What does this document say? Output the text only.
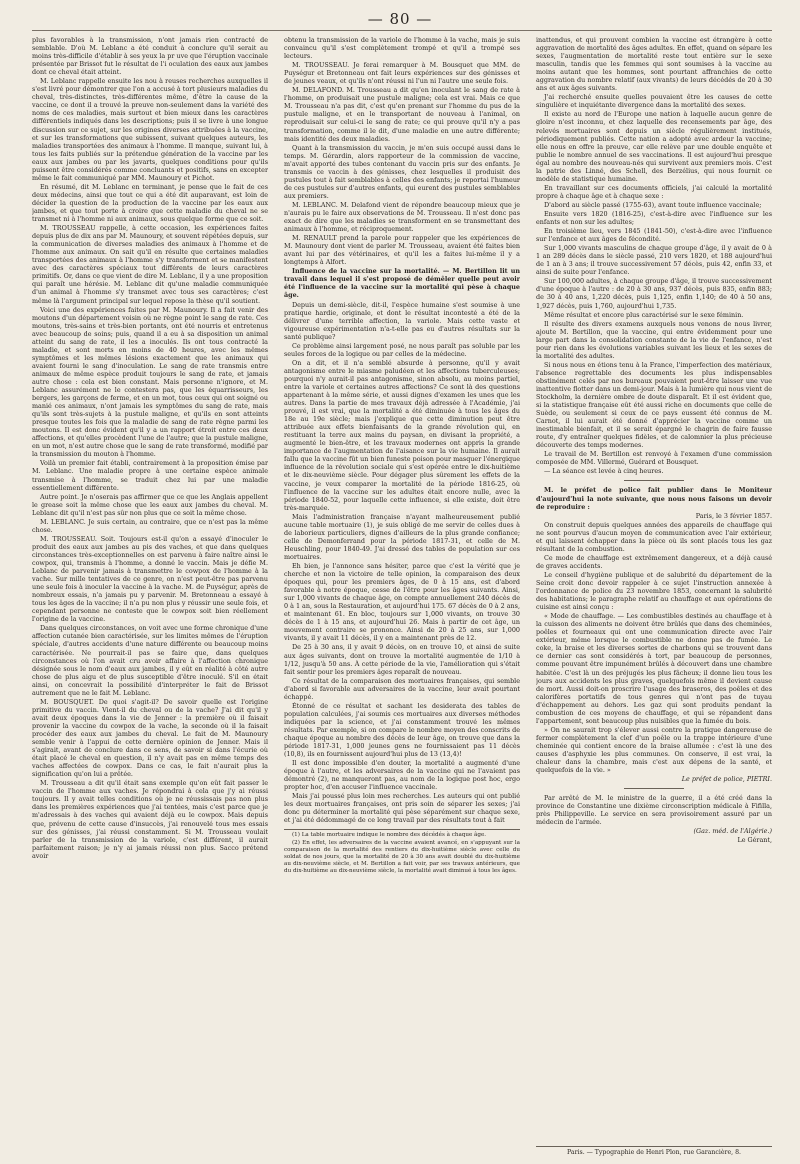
— 80 —

plus favorables à la transmission, n'ont jamais rien contracté de semblable. D'où M. Leblanc a été conduit à conclure qu'il serait au moins très-difficile d'établir à ses yeux la pr uve que l'éruption vaccinale présentée par Brissot fut le résultat de l'i oculation des eaux aux jambes dont ce cheval était atteint.

M. Leblanc rappelle ensuite les nou à reuses recherches auxquelles il s'est livré pour démontrer que l'on a accusé à tort plusieurs maladies du cheval, très-distinctes, très-différentes même, d'être la cause de la vaccine, ce dont il a trouvé la preuve non-seulement dans la variété des noms de ces maladies, mais surtout et bien mieux dans les caractères différentiels indiqués dans les descriptions; puis il se livre à une longue discussion sur ce sujet, sur les origines diverses attribuées à la vaccine, et sur les transformations que subissent, suivant quelques auteurs, les maladies transportées des animaux à l'homme. Il manque, suivant lui, à tous les faits publiés sur la prétendue génération de la vaccine par les eaux aux jambes ou par les javarts, quelques conditions pour qu'ils puissent être considérés comme concluants et positifs, sans en excepter même le fait communiqué par MM. Maunoury et Pichot.

En résumé, dit M. Leblanc en terminant, je pense que le fait de ces deux médecins, ainsi que tout ce qui a été dit auparavant, est loin de décider la question de la production de la vaccine par les eaux aux jambes, et que tout porte à croire que cette maladie du cheval ne se transmet ni à l'homme ni aux animaux, sous quelque forme que ce soit.

M. TROUSSEAU rappelle, à cette occasion, les expériences faites depuis plus de dix ans par M. Maunoury, et souvent répétées depuis, sur la communication de diverses maladies des animaux à l'homme et de l'homme aux animaux. On sait qu'il en résulte que certaines maladies transportées des animaux à l'homme s'y transforment et se manifestent avec des caractères spéciaux tout différents de leurs caractères primitifs. Or, dans ce que vient de dire M. Leblanc, il y a une proposition qui paraît une hérésie. M. Leblanc dit qu'une maladie communiquée d'un animal à l'homme s'y transmet avec tous ses caractères; c'est même là l'argument principal sur lequel repose la thèse qu'il soutient.

Voici une des expériences faites par M. Maunoury. Il a fait venir des moutons d'un département voisin où ne règne point le sang de rate. Ces moutons, très-sains et très-bien portants, ont été nourris et entretenus avec beaucoup de soins; puis, quand il a eu à sa disposition un animal atteint du sang de rate, il les a inoculés. Ils ont tous contracté la maladie, et sont morts en moins de 40 heures, avec les mêmes symptômes et les mêmes lésions exactement que les animaux qui avaient fourni le sang d'inoculation. Le sang de rate transmis entre animaux de même espèce produit toujours le sang de rate, et jamais autre chose : cela est bien constant. Mais personne n'ignore, et M. Leblanc assurément ne le contestera pas, que les équarrisseurs, les bergers, les garçons de ferme, et en un mot, tous ceux qui ont soigné ou manié ces animaux, n'ont jamais les symptômes du sang de rate, mais qu'ils sont très-sujets à la pustule maligne, et qu'ils en sont atteints presque toutes les fois que la maladie de sang de rate règne parmi les moutons. Il est donc évident qu'il y a un rapport étroit entre ces deux affections, et qu'elles procèdent l'une de l'autre; que la pustule maligne, en un mot, n'est autre chose que le sang de rate transformé, modifié par la transmission du mouton à l'homme.

Voilà un premier fait établi, contrairement à la proposition émise par M. Leblanc. Une maladie propre à une certaine espèce animale transmise à l'homme, se traduit chez lui par une maladie essentiellement différente.

Autre point. Je n'oserais pas affirmer que ce que les Anglais appellent le grease soit la même chose que les eaux aux jambes du cheval. M. Leblanc dit qu'il n'est pas sûr non plus que ce soit la même chose.

M. LEBLANC. Je suis certain, au contraire, que ce n'est pas la même chose.

M. TROUSSEAU. Soit. Toujours est-il qu'on a essayé d'inoculer le produit des eaux aux jambes au pis des vaches, et que dans quelques circonstances très-exceptionnelles on est parvenu à faire naître ainsi le cowpox, qui, transmis à l'homme, a donné le vaccin. Mais je défie M. Leblanc de parvenir jamais à transmettre le cowpox de l'homme à la vache. Sur mille tentatives de ce genre, on n'est peut-être pas parvenu une seule fois à inoculer la vaccine à la vache. M. de Puységur, après de nombreux essais, n'a jamais pu y parvenir. M. Bretonneau a essayé à tous les âges de la vaccine; il n'a pu non plus y réussir une seule fois, et cependant personne ne conteste que le cowpox soit bien réellement l'origine de la vaccine.

Dans quelques circonstances, on voit avec une forme chronique d'une affection cutanée bien caractérisée, sur les limites mêmes de l'éruption spéciale, d'autres accidents d'une nature différente ou beaucoup moins caractérisée. Ne pourrait-il pas se faire que, dans quelques circonstances où l'on avait cru avoir affaire à l'affection chronique désignée sous le nom d'eaux aux jambes, il y eût en réalité à côté autre chose de plus aigu et de plus susceptible d'être inoculé. S'il en était ainsi, on concevrait la possibilité d'interpréter le fait de Brissot autrement que ne le fait M. Leblanc.

M. BOUSQUET. De quoi s'agit-il? De savoir quelle est l'origine primitive du vaccin. Vient-il du cheval ou de la vache? J'ai dit qu'il y avait deux époques dans la vie de Jenner : la première où il faisait provenir la vaccine du cowpox de la vache, la seconde où il la faisait procéder des eaux aux jambes du cheval. Le fait de M. Maunoury semble venir à l'appui de cette dernière opinion de Jenner. Mais il s'agirait, avant de conclure dans ce sens, de savoir si dans l'écurie où était placé le cheval en question, il n'y avait pas en même temps des vaches affectées de cowpox. Dans ce cas, le fait n'aurait plus la signification qu'on lui a prêtée.

M. Trousseau a dit qu'il était sans exemple qu'on eût fait passer le vaccin de l'homme aux vaches. Je répondrai à cela que j'y ai réussi toujours. Il y avait telles conditions où je ne réussissais pas non plus dans les premières expériences que j'ai tentées, mais c'est parce que je m'adressais à des vaches qui avaient déjà eu le cowpox. Mais depuis que, prévenu de cette cause d'insuccès, j'ai renouvelé tous mes essais sur des génisses, j'ai réussi constamment. Si M. Trousseau voulait parler de la transmission de la variole, c'est différent, il aurait parfaitement raison; je n'y ai jamais réussi non plus. Sacco prétend avoir

obtenu la transmission de la variole de l'homme à la vache, mais je suis convaincu qu'il s'est complètement trompé et qu'il a trompé ses lecteurs.

M. TROUSSEAU. Je ferai remarquer à M. Bousquet que MM. de Puységur et Bretonneau ont fait leurs expériences sur des génisses et de jeunes veaux, et qu'ils n'ont réussi ni l'un ni l'autre une seule fois.

M. DELAFOND. M. Trousseau a dit qu'en inoculant le sang de rate à l'homme, on produisait une pustule maligne; cela est vrai. Mais ce que M. Trousseau n'a pas dit, c'est qu'en prenant sur l'homme du pus de la pustule maligne, et en le transportant de nouveau à l'animal, on reproduisait sur celui-ci le sang de rate; ce qui prouve qu'il n'y a pas transformation, comme il le dit, d'une maladie en une autre différente; mais identité des deux maladies.

Quant à la transmission du vaccin, je m'en suis occupé aussi dans le temps. M. Gérardin, alors rapporteur de la commission de vaccine, m'avait apporté des tubes contenant du vaccin pris sur des enfants. Je transmis ce vaccin à des génisses, chez lesquelles il produisit des pustules tout à fait semblables à celles des enfants; je reportai l'humeur de ces pustules sur d'autres enfants, qui eurent des pustules semblables aux premiers.

M. LEBLANC. M. Delafond vient de répondre beaucoup mieux que je n'aurais pu le faire aux observations de M. Trousseau. Il n'est donc pas exact de dire que les maladies se transforment en se transmettant des animaux à l'homme, et réciproquement.

M. RENAULT prend la parole pour rappeler que les expériences de M. Maunoury dont vient de parler M. Trousseau, avaient été faites bien avant lui par des vétérinaires, et qu'il les a faites lui-même il y a longtemps à Alfort.

Influence de la vaccine sur la mortalité. — M. Bertillon lit un travail dans lequel il s'est proposé de démêler quelle peut avoir été l'influence de la vaccine sur la mortalité qui pèse à chaque âge.

Depuis un demi-siècle, dit-il, l'espèce humaine s'est soumise à une pratique hardie, originale, et dont le résultat incontesté a été de la délivrer d'une terrible affection, la variole. Mais cette vaste et vigoureuse expérimentation n'a-t-elle pas eu d'autres résultats sur la santé publique?

Ce problème ainsi largement posé, ne nous paraît pas soluble par les seules forces de la logique ou par celles de la médecine.

On a dit, et il n'a semblé absurde à personne, qu'il y avait antagonisme entre le miasme paludéen et les affections tuberculeuses; pourquoi n'y aurait-il pas antagonisme, sinon absolu, au moins partiel, entre la variole et certaines autres affections? Ce sont là des questions appartenant à la même série, et aussi dignes d'examen les unes que les autres. Dans la partie de mes travaux déjà adressée à l'Académie, j'ai prouvé, il est vrai, que la mortalité a été diminuée à tous les âges du 18e au 19e siècle; mais j'explique que cette diminution peut être attribuée aux effets bienfaisants de la grande révolution qui, en restituant la terre aux mains du paysan, en divisant la propriété, a augmenté le bien-être, et les travaux modernes ont appris la grande importance de l'augmentation de l'aisance sur la vie humaine. Il aurait fallu que la vaccine fût un bien funeste poison pour masquer l'énergique influence de la révolution sociale qui s'est opérée entre le dix-huitième et le dix-neuvième siècle. Pour dégager plus sûrement les effets de la vaccine, je veux comparer la mortalité de la période 1816-25, où l'influence de la vaccine sur les adultes était encore nulle, avec la période 1840-52, pour laquelle cette influence, si elle existe, doit être très-marquée.

Mais l'administration française n'ayant malheureusement publié aucune table mortuaire (1), je suis obligé de me servir de celles dues à de laborieux particuliers, dignes d'ailleurs de la plus grande confiance; celle de Demonferrand pour la période 1817-31, et celle de M. Heuschling, pour 1840-49. J'ai dressé des tables de population sur ces mortuaires.

Eh bien, je l'annonce sans hésiter, parce que c'est la vérité que je cherche et non la victoire de telle opinion, la comparaison des deux époques qui, pour les premiers âges, de 0 à 15 ans, est d'abord favorable à notre époque, cesse de l'être pour les âges suivants. Ainsi, sur 1,000 vivants de chaque âge, on compte annuellement 240 décès de 0 à 1 an, sous la Restauration, et aujourd'hui 175. 67 décès de 0 à 2 ans, et maintenant 61. En bloc, toujours sur 1,000 vivants, on trouve 30 décès de 1 à 15 ans, et aujourd'hui 26. Mais à partir de cet âge, un mouvement contraire se prononce. Ainsi de 20 à 25 ans, sur 1,000 vivants, il y avait 11 décès, il y en a maintenant près de 12.

De 25 à 30 ans, il y avait 9 décès, on en trouve 10, et ainsi de suite aux âges suivants, dont on trouve la mortalité augmentée de 1/10 à 1/12, jusqu'à 50 ans. À cette période de la vie, l'amélioration qui s'était fait sentir pour les premiers âges reparaît de nouveau.

Ce résultat de la comparaison des mortuaires françaises, qui semble d'abord si favorable aux adversaires de la vaccine, leur avait pourtant échappé.

Étonné de ce résultat et sachant les desiderata des tables de population calculées, j'ai soumis ces mortuaires aux diverses méthodes indiquées par la science, et j'ai constamment trouvé les mêmes résultats. Par exemple, si on compare le nombre moyen des conscrits de chaque époque au nombre des décès de leur âge, on trouve que dans la période 1817-31, 1,000 jeunes gens ne fournissaient pas 11 décès (10,8), ils en fournissent aujourd'hui plus de 13 (13,4)!

Il est donc impossible d'en douter, la mortalité a augmenté d'une époque à l'autre, et les adversaires de la vaccine qui ne l'avaient pas démontré (2), ne manqueront pas, au nom de la logique post hoc, ergo propter hoc, d'en accuser l'influence vaccinale.

Mais j'ai poussé plus loin mes recherches. Les auteurs qui ont publié les deux mortuaires françaises, ont pris soin de séparer les sexes; j'ai donc pu déterminer la mortalité qui pèse séparément sur chaque sexe, et j'ai été dédommagé de ce long travail par des résultats tout à fait

(1) La table mortuaire indique le nombre des décédés à chaque âge.

(2) En effet, les adversaires de la vaccine avaient avancé, en s'appuyant sur la comparaison de la mortalité des rentiers du dix-huitième siècle avec celle du soldat de nos jours, que la mortalité de 20 à 30 ans avait doublé du dix-huitième au dix-neuvième siècle, et M. Bertillon a fait voir, par ses travaux antérieurs, que du dix-huitième au dix-neuvième siècle, la mortalité avait diminué à tous les âges.

inattendus, et qui prouvent combien la vaccine est étrangère à cette aggravation de mortalité des âges adultes. En effet, quand on sépare les sexes, l'augmentation de mortalité reste tout entière sur le sexe masculin, tandis que les femmes qui sont soumises à la vaccine au moins autant que les hommes, sont pourtant affranchies de cette aggravation du nombre relatif (aux vivants) de leurs décédés de 20 à 30 ans et aux âges suivants.

J'ai recherché ensuite quelles pouvaient être les causes de cette singulière et inquiétante divergence dans la mortalité des sexes.

Il existe au nord de l'Europe une nation à laquelle aucun genre de gloire n'est inconnu, et chez laquelle des recensements par âge, des relevés mortuaires sont depuis un siècle régulièrement institués, périodiquement publiés. Cette nation a adopté avec ardeur la vaccine; elle nous en offre la preuve, car elle relève par une double enquête et publie le nombre annuel de ses vaccinations. Il est aujourd'hui presque égal au nombre des nouveau-nés qui survivent aux premiers mois. C'est la patrie des Linné, des Schell, des Berzélius, qui nous fournit ce modèle de statistique humaine.

En travaillant sur ces documents officiels, j'ai calculé la mortalité propre à chaque âge et à chaque sexe :

D'abord au siècle passé (1755-63), avant toute influence vaccinale;

Ensuite vers 1820 (1816-25), c'est-à-dire avec l'influence sur les enfants et non sur les adultes;

En troisième lieu, vers 1845 (1841-50), c'est-à-dire avec l'influence sur l'enfance et aux âges de fécondité.

Sur 1,000 vivants masculins de chaque groupe d'âge, il y avait de 0 à 1 an 289 décès dans le siècle passé, 210 vers 1820, et 188 aujourd'hui de 1 an à 3 ans; il trouve successivement 57 décès, puis 42, enfin 33, et ainsi de suite pour l'enfance.

Sur 100,000 adultes, à chaque groupe d'âge, il trouve successivement d'une époque à l'autre : de 20 à 30 ans, 937 décès, puis 835, enfin 883; de 30 à 40 ans, 1,220 décès, puis 1,125, enfin 1,140; de 40 à 50 ans, 1,927 décès, puis 1,760, aujourd'hui 1,735.

Même résultat et encore plus caractérisé sur le sexe féminin.

Il résulte des divers examens auxquels nous venons de nous livrer, ajoute M. Bertillon, que la vaccine, qui entre évidemment pour une large part dans la consolidation constante de la vie de l'enfance, n'est pour rien dans les évolutions variables suivant les lieux et les sexes de la mortalité des adultes.

Si nous nous en étions tenu à la France, l'imperfection des matériaux, l'absence regrettable des documents les plus indispensables obstinément celés par nos bureaux pouvaient peut-être laisser une vue inattentive flotter dans un demi-jour. Mais à la lumière qui nous vient de Stockholm, la dernière ombre de doute disparaît. Et il est évident que, si la statistique française eût été aussi riche en documents que celle de Suède, ou seulement si ceux de ce pays eussent été connus de M. Carnot, il lui aurait été donné d'apprécier la vaccine comme un inestimable bienfait, et il se serait épargné le chagrin de faire fausse route, d'y entraîner quelques fidèles, et de calomnier la plus précieuse découverte des temps modernes.

Le travail de M. Bertillon est renvoyé à l'examen d'une commission composée de MM. Villermé, Guérard et Bousquet.

— La séance est levée à cinq heures.

M. le préfet de police fait publier dans le Moniteur d'aujourd'hui la note suivante, que nous nous faisons un devoir de reproduire :

Paris, le 3 février 1857.

On construit depuis quelques années des appareils de chauffage qui ne sont pourvus d'aucun moyen de communication avec l'air extérieur, et qui laissent échapper dans la pièce où ils sont placés tous les gaz résultant de la combustion.

Ce mode de chauffage est extrêmement dangereux, et a déjà causé de graves accidents.

Le conseil d'hygiène publique et de salubrité du département de la Seine croit donc devoir rappeler à ce sujet l'instruction annexée à l'ordonnance de police du 23 novembre 1853, concernant la salubrité des habitations; le paragraphe relatif au chauffage et aux opérations de cuisine est ainsi conçu :

« Mode de chauffage. — Les combustibles destinés au chauffage et à la cuisson des aliments ne doivent être brûlés que dans des cheminées, poêles et fourneaux qui ont une communication directe avec l'air extérieur, même lorsque le combustible ne donne pas de fumée. Le coke, la braise et les diverses sortes de charbons qui se trouvent dans ce dernier cas sont considérés à tort, par beaucoup de personnes, comme pouvant être impunément brûlés à découvert dans une chambre habitée. C'est là un des préjugés les plus fâcheux; il donne lieu tous les jours aux accidents les plus graves, quelquefois même il devient cause de mort. Aussi doit-on proscrire l'usage des braseros, des poêles et des calorifères portatifs de tous genres qui n'ont pas de tuyau d'échappement au dehors. Les gaz qui sont produits pendant la combustion de ces moyens de chauffage, et qui se répandent dans l'appartement, sont beaucoup plus nuisibles que la fumée du bois.

» On ne saurait trop s'élever aussi contre la pratique dangereuse de fermer complètement la clef d'un poêle ou la trappe intérieure d'une cheminée qui contient encore de la braise allumée : c'est là une des causes d'asphyxie les plus communes. On conserve, il est vrai, la chaleur dans la chambre, mais c'est aux dépens de la santé, et quelquefois de la vie. »

Le préfet de police, PIETRI.

Par arrêté de M. le ministre de la guerre, il a été créé dans la province de Constantine une dixième circonscription médicale à Fifilla, près Philippeville. Le service en sera provisoirement assuré par un médecin de l'armée.

(Gaz. méd. de l'Algérie.)

Le Gérant,

Paris. — Typographie de Henri Plon, rue Garancière, 8.
